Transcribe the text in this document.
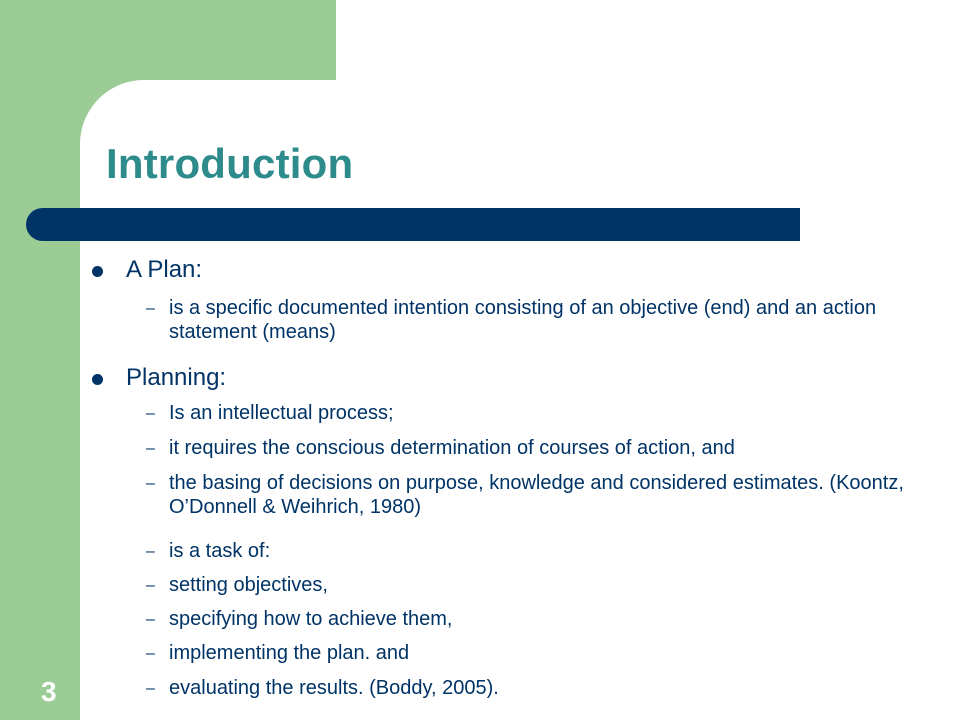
Introduction
A Plan:
– is a specific documented intention consisting of an objective (end) and an action statement (means)
Planning:
– Is an intellectual process;
– it requires the conscious determination of courses of action, and
– the basing of decisions on purpose, knowledge and considered estimates. (Koontz, O’Donnell & Weihrich, 1980)
– is a task of:
– setting objectives,
– specifying how to achieve them,
– implementing the plan. and
– evaluating the results. (Boddy, 2005).
3
